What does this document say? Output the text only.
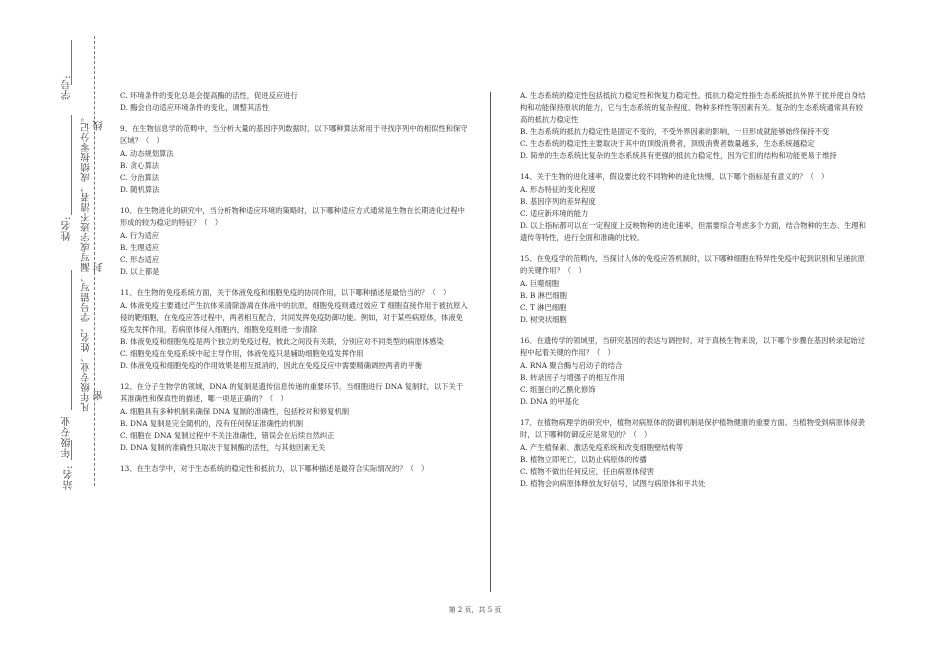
学号:
姓名:
年级专业
站名:
凡年级专业、姓名、学号错写、漏写或字迹不清者，成绩按零分记。 线
封
密
C. 环境条件的变化总是会提高酶的活性，促进反应进行
D. 酶会自动适应环境条件的变化，调整其活性
9、在生物信息学的范畴中，当分析大量的基因序列数据时，以下哪种算法常用于寻找序列中的相似性和保守区域？（　）
A. 动态规划算法
B. 贪心算法
C. 分治算法
D. 随机算法
10、在生物进化的研究中，当分析物种适应环境的策略时，以下哪种适应方式通常是生物在长期进化过程中形成的较为稳定的特征？（　）
A. 行为适应
B. 生理适应
C. 形态适应
D. 以上都是
11、在生物的免疫系统方面，关于体液免疫和细胞免疫的协同作用，以下哪种描述是最恰当的？（　）
A. 体液免疫主要通过产生抗体来清除游离在体液中的抗原，细胞免疫则通过效应 T 细胞直接作用于被抗原入侵的靶细胞，在免疫应答过程中，两者相互配合，共同发挥免疫防御功能。例如，对于某些病原体，体液免疫先发挥作用，若病原体侵入细胞内，细胞免疫则进一步清除
B. 体液免疫和细胞免疫是两个独立的免疫过程，彼此之间没有关联，分别应对不同类型的病原体感染
C. 细胞免疫在免疫系统中起主导作用，体液免疫只是辅助细胞免疫发挥作用
D. 体液免疫和细胞免疫的作用效果是相互抵消的，因此在免疫反应中需要精确调控两者的平衡
12、在分子生物学的领域，DNA 的复制是遗传信息传递的重要环节。当细胞进行 DNA 复制时，以下关于其准确性和保真性的描述，哪一项是正确的？（　）
A. 细胞具有多种机制来确保 DNA 复制的准确性，包括校对和修复机制
B. DNA 复制是完全随机的，没有任何保证准确性的机制
C. 细胞在 DNA 复制过程中不关注准确性，错误会在后续自然纠正
D. DNA 复制的准确性只取决于复制酶的活性，与其他因素无关
13、在生态学中，对于生态系统的稳定性和抵抗力，以下哪种描述是最符合实际情况的？（　）
A. 生态系统的稳定性包括抵抗力稳定性和恢复力稳定性。抵抗力稳定性指生态系统抵抗外界干扰并使自身结构和功能保持原状的能力，它与生态系统的复杂程度、物种多样性等因素有关。复杂的生态系统通常具有较高的抵抗力稳定性
B. 生态系统的抵抗力稳定性是固定不变的，不受外界因素的影响，一旦形成就能够始终保持不变
C. 生态系统的稳定性主要取决于其中的顶级消费者，顶级消费者数量越多，生态系统越稳定
D. 简单的生态系统比复杂的生态系统具有更强的抵抗力稳定性，因为它们的结构和功能更易于维持
14、关于生物的进化速率，假设要比较不同物种的进化快慢，以下哪个指标是有意义的？（　）
A. 形态特征的变化程度
B. 基因序列的差异程度
C. 适应新环境的能力
D. 以上指标都可以在一定程度上反映物种的进化速率，但需要综合考虑多个方面，结合物种的生态、生理和遗传等特性，进行全面和准确的比较。
15、在免疫学的范畴内，当探讨人体的免疫应答机制时，以下哪种细胞在特异性免疫中起到识别和呈递抗原的关键作用？（　）
A. 巨噬细胞
B. B 淋巴细胞
C. T 淋巴细胞
D. 树突状细胞
16、在遗传学的领域里，当研究基因的表达与调控时，对于真核生物来说，以下哪个步骤在基因转录起始过程中起着关键的作用？（　）
A. RNA 聚合酶与启动子的结合
B. 转录因子与增强子的相互作用
C. 组蛋白的乙酰化修饰
D. DNA 的甲基化
17、在植物病理学的研究中，植物对病原体的防御机制是保护植物健康的重要方面。当植物受到病原体侵袭时，以下哪种防御反应是常见的？（　）
A. 产生植保素、激活免疫系统和改变细胞壁结构等
B. 植物立即死亡，以防止病原体的传播
C. 植物不做出任何反应，任由病原体侵害
D. 植物会向病原体释放友好信号，试图与病原体和平共处
第 2 页，共 5 页
